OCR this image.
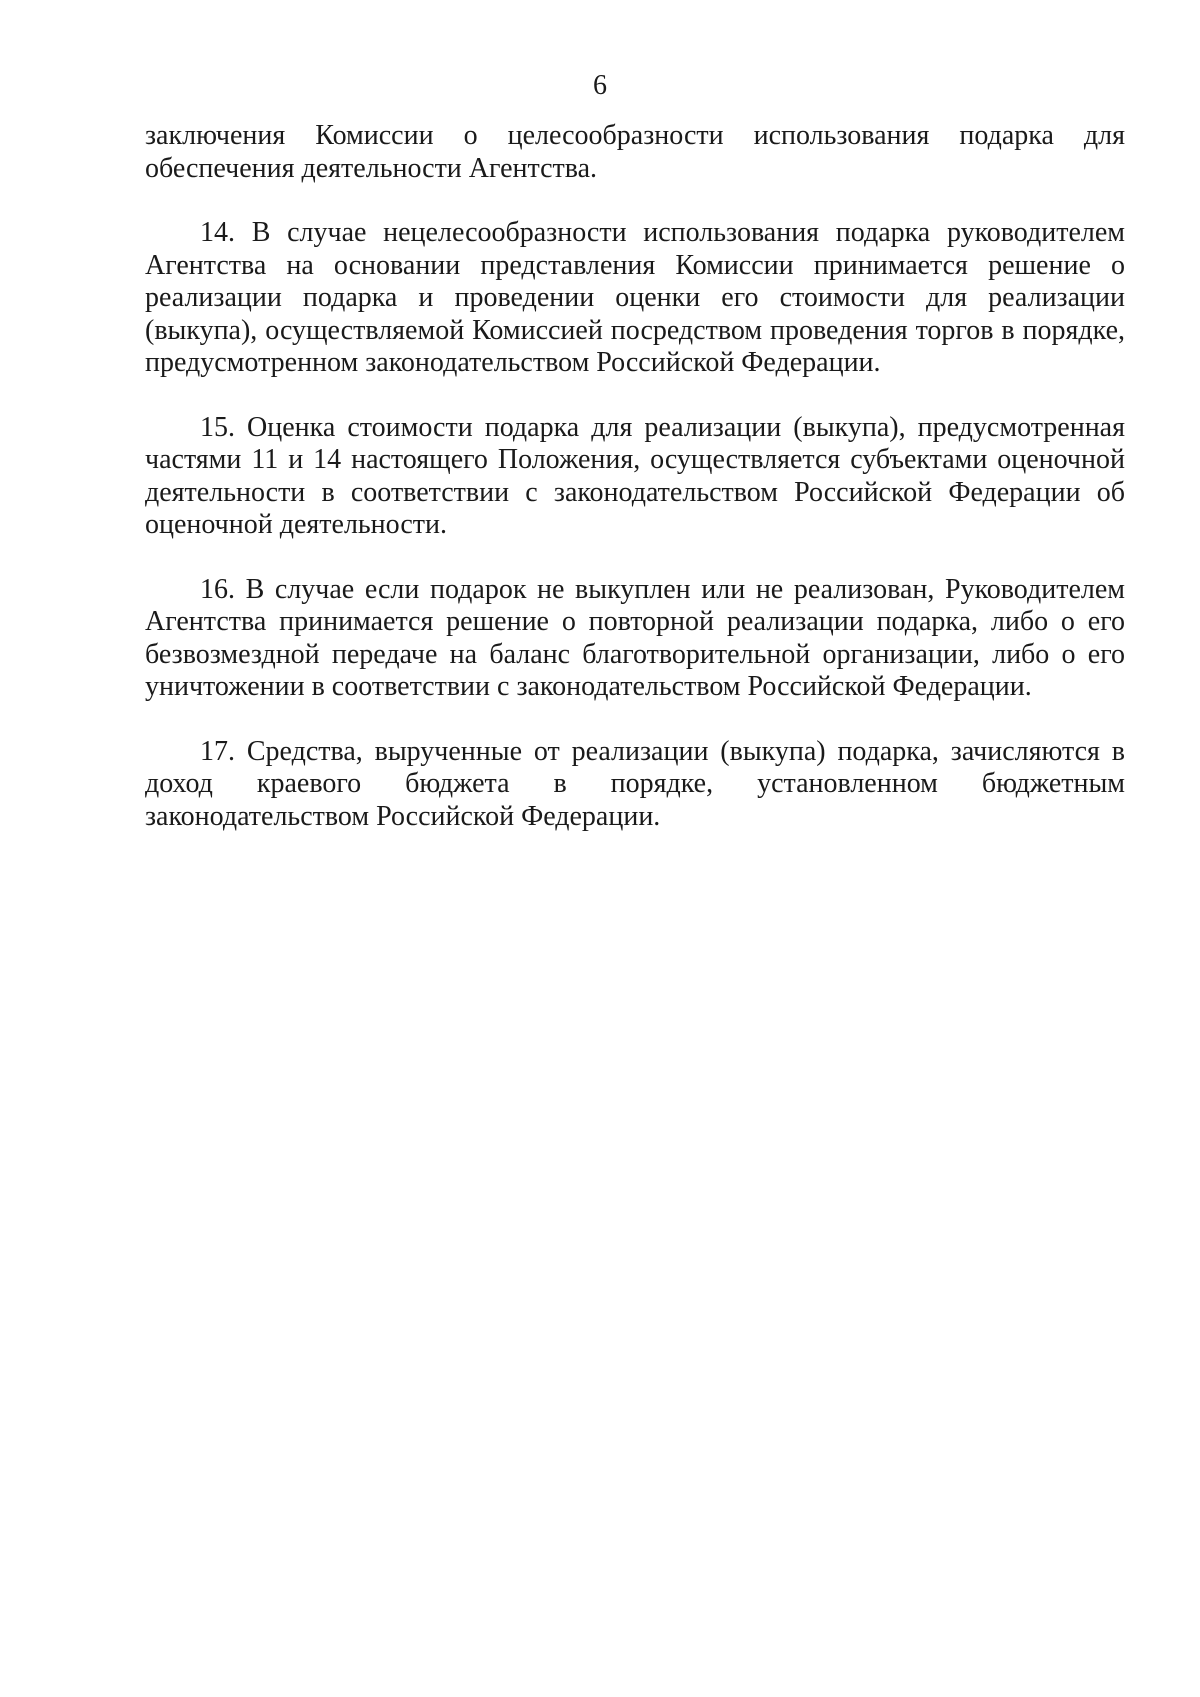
6

заключения Комиссии о целесообразности использования подарка для обеспечения деятельности Агентства.

14. В случае нецелесообразности использования подарка руководителем Агентства на основании представления Комиссии принимается решение о реализации подарка и проведении оценки его стоимости для реализации (выкупа), осуществляемой Комиссией посредством проведения торгов в порядке, предусмотренном законодательством Российской Федерации.

15. Оценка стоимости подарка для реализации (выкупа), предусмотренная частями 11 и 14 настоящего Положения, осуществляется субъектами оценочной деятельности в соответствии с законодательством Российской Федерации об оценочной деятельности.

16. В случае если подарок не выкуплен или не реализован, Руководителем Агентства принимается решение о повторной реализации подарка, либо о его безвозмездной передаче на баланс благотворительной организации, либо о его уничтожении в соответствии с законодательством Российской Федерации.

17. Средства, вырученные от реализации (выкупа) подарка, зачисляются в доход краевого бюджета в порядке, установленном бюджетным законодательством Российской Федерации.
